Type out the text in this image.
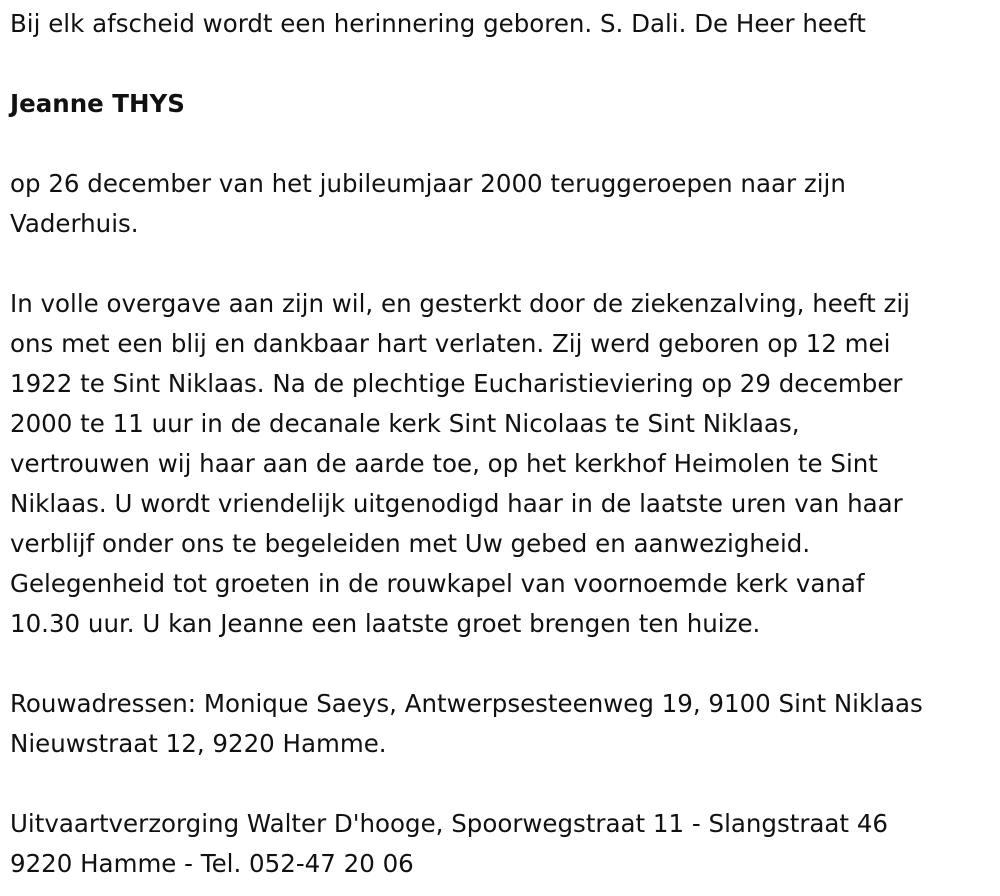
Bij elk afscheid wordt een herinnering geboren. S. Dali. De Heer heeft

Jeanne THYS

op 26 december van het jubileumjaar 2000 teruggeroepen naar zijn
Vaderhuis.

In volle overgave aan zijn wil, en gesterkt door de ziekenzalving, heeft zij
ons met een blij en dankbaar hart verlaten. Zij werd geboren op 12 mei
1922 te Sint Niklaas. Na de plechtige Eucharistieviering op 29 december
2000 te 11 uur in de decanale kerk Sint Nicolaas te Sint Niklaas,
vertrouwen wij haar aan de aarde toe, op het kerkhof Heimolen te Sint
Niklaas. U wordt vriendelijk uitgenodigd haar in de laatste uren van haar
verblijf onder ons te begeleiden met Uw gebed en aanwezigheid.
Gelegenheid tot groeten in de rouwkapel van voornoemde kerk vanaf
10.30 uur. U kan Jeanne een laatste groet brengen ten huize.

Rouwadressen: Monique Saeys, Antwerpsesteenweg 19, 9100 Sint Niklaas
Nieuwstraat 12, 9220 Hamme.

Uitvaartverzorging Walter D'hooge, Spoorwegstraat 11 - Slangstraat 46
9220 Hamme - Tel. 052-47 20 06
